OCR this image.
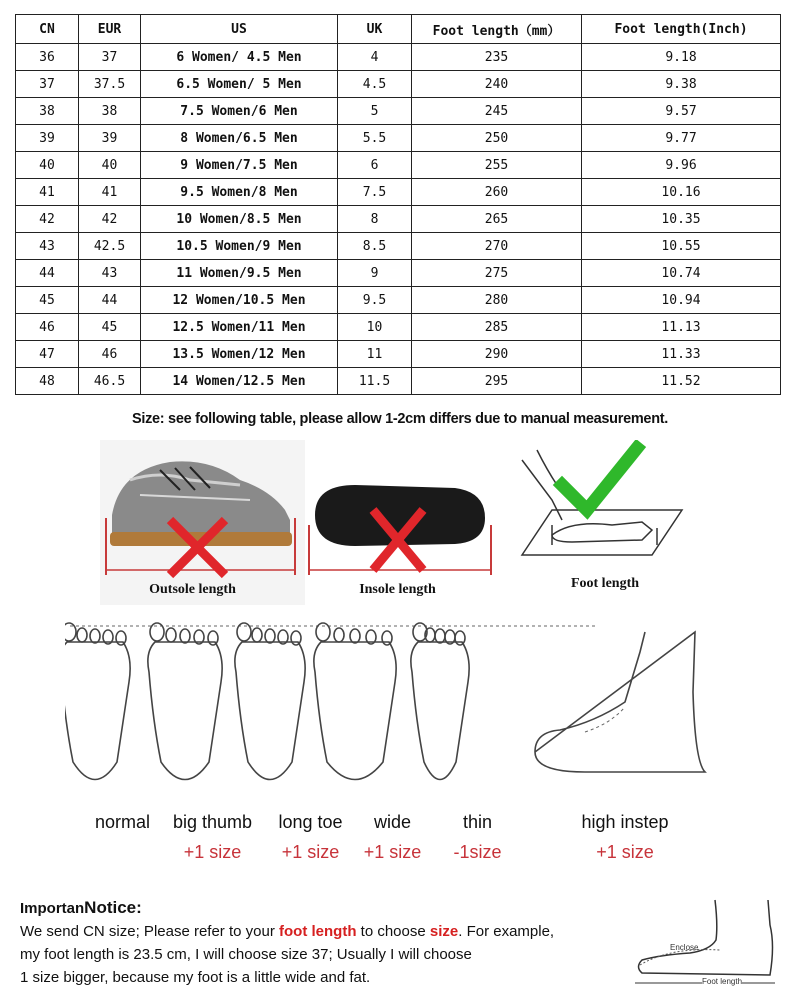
CN	EUR	US	UK	Foot length（mm）	Foot length(Inch)
36	37	6 Women/ 4.5 Men	4	235	9.18
37	37.5	6.5 Women/ 5 Men	4.5	240	9.38
38	38	7.5 Women/6 Men	5	245	9.57
39	39	8 Women/6.5 Men	5.5	250	9.77
40	40	9 Women/7.5 Men	6	255	9.96
41	41	9.5 Women/8 Men	7.5	260	10.16
42	42	10 Women/8.5 Men	8	265	10.35
43	42.5	10.5 Women/9 Men	8.5	270	10.55
44	43	11 Women/9.5 Men	9	275	10.74
45	44	12 Women/10.5 Men	9.5	280	10.94
46	45	12.5 Women/11 Men	10	285	11.13
47	46	13.5 Women/12 Men	11	290	11.33
48	46.5	14 Women/12.5 Men	11.5	295	11.52
Size: see following table, please allow 1-2cm differs due to manual measurement.
Outsole length	Insole length	Foot length
normal	big thumb
+1 size
long toe
+1 size
wide
+1 size
thin
-1size
high instep
+1 size
ImportanNotice:
We send CN size; Please refer to your foot length to choose size. For example,
my foot length is 23.5 cm, I will choose size 37; Usually I will choose
1 size bigger, because my foot is a little wide and fat.
Enclose
Foot length
